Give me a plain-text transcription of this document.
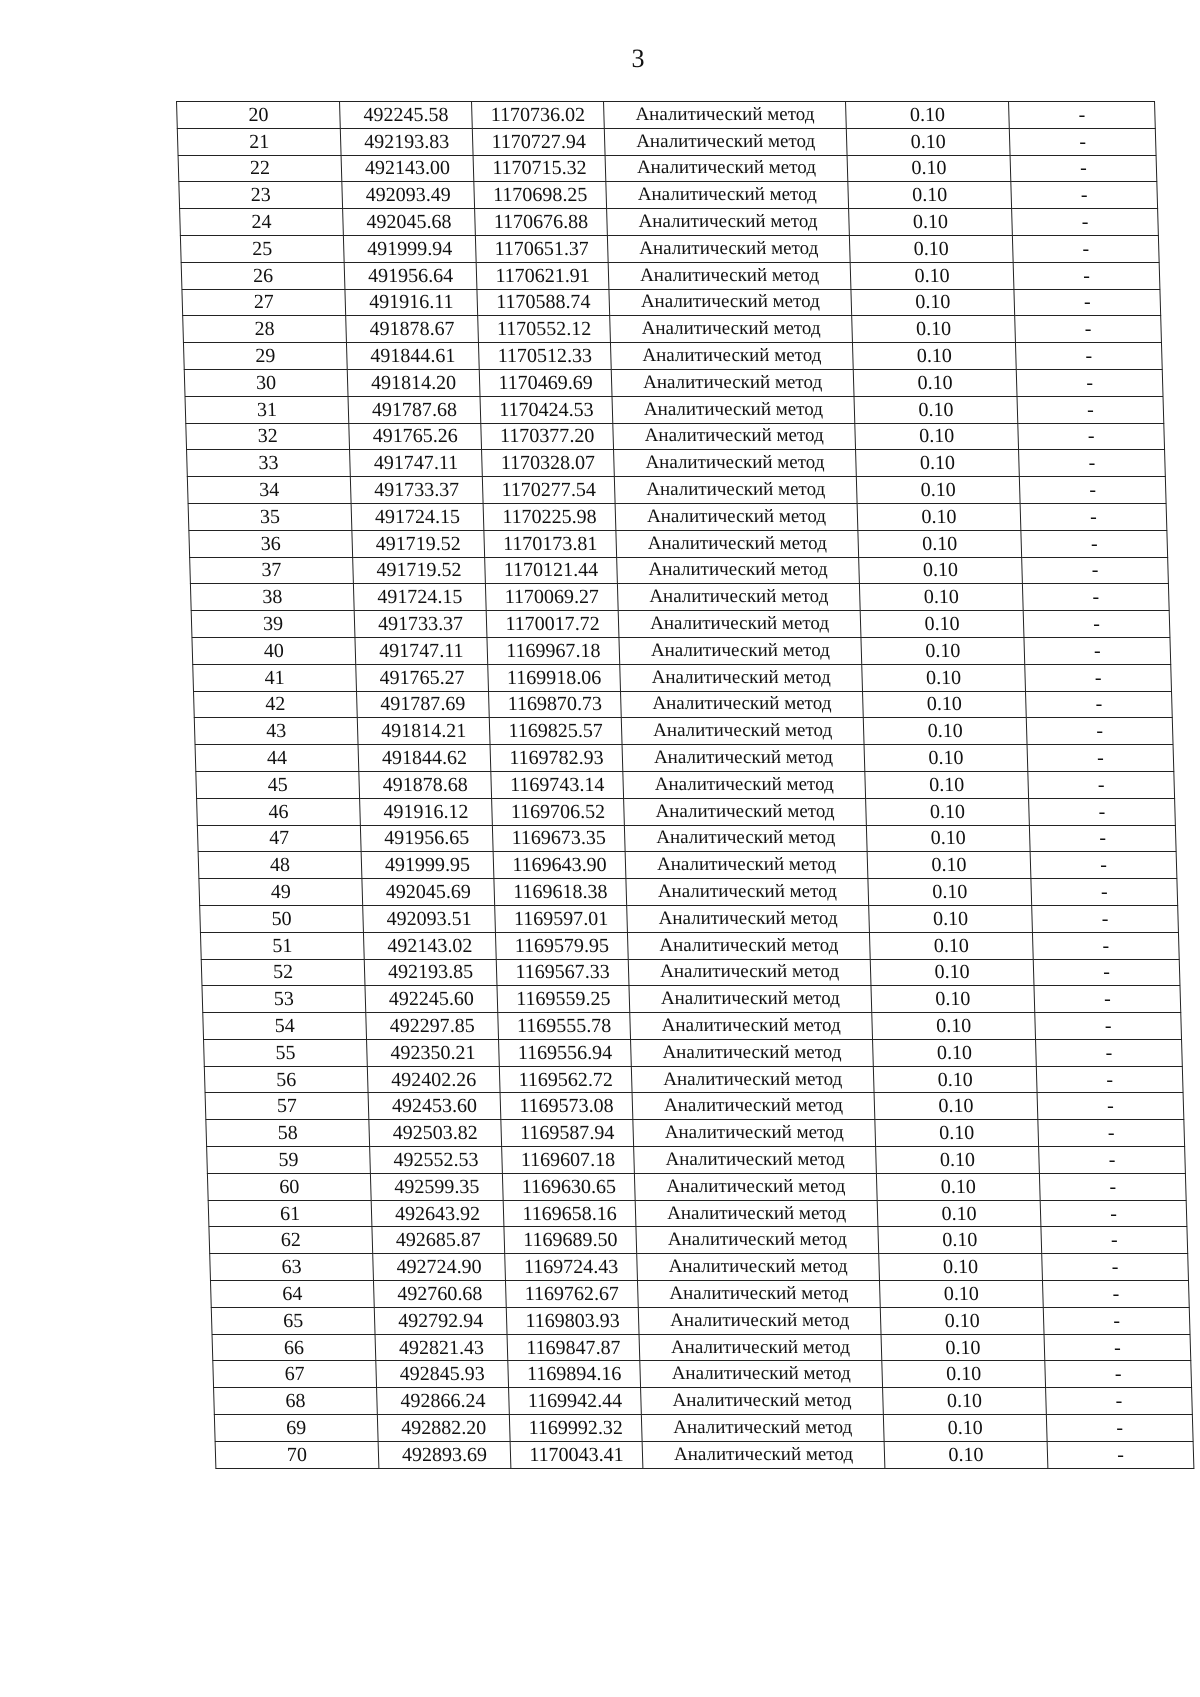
3
20	492245.58	1170736.02	Аналитический метод	0.10	-
21	492193.83	1170727.94	Аналитический метод	0.10	-
22	492143.00	1170715.32	Аналитический метод	0.10	-
23	492093.49	1170698.25	Аналитический метод	0.10	-
24	492045.68	1170676.88	Аналитический метод	0.10	-
25	491999.94	1170651.37	Аналитический метод	0.10	-
26	491956.64	1170621.91	Аналитический метод	0.10	-
27	491916.11	1170588.74	Аналитический метод	0.10	-
28	491878.67	1170552.12	Аналитический метод	0.10	-
29	491844.61	1170512.33	Аналитический метод	0.10	-
30	491814.20	1170469.69	Аналитический метод	0.10	-
31	491787.68	1170424.53	Аналитический метод	0.10	-
32	491765.26	1170377.20	Аналитический метод	0.10	-
33	491747.11	1170328.07	Аналитический метод	0.10	-
34	491733.37	1170277.54	Аналитический метод	0.10	-
35	491724.15	1170225.98	Аналитический метод	0.10	-
36	491719.52	1170173.81	Аналитический метод	0.10	-
37	491719.52	1170121.44	Аналитический метод	0.10	-
38	491724.15	1170069.27	Аналитический метод	0.10	-
39	491733.37	1170017.72	Аналитический метод	0.10	-
40	491747.11	1169967.18	Аналитический метод	0.10	-
41	491765.27	1169918.06	Аналитический метод	0.10	-
42	491787.69	1169870.73	Аналитический метод	0.10	-
43	491814.21	1169825.57	Аналитический метод	0.10	-
44	491844.62	1169782.93	Аналитический метод	0.10	-
45	491878.68	1169743.14	Аналитический метод	0.10	-
46	491916.12	1169706.52	Аналитический метод	0.10	-
47	491956.65	1169673.35	Аналитический метод	0.10	-
48	491999.95	1169643.90	Аналитический метод	0.10	-
49	492045.69	1169618.38	Аналитический метод	0.10	-
50	492093.51	1169597.01	Аналитический метод	0.10	-
51	492143.02	1169579.95	Аналитический метод	0.10	-
52	492193.85	1169567.33	Аналитический метод	0.10	-
53	492245.60	1169559.25	Аналитический метод	0.10	-
54	492297.85	1169555.78	Аналитический метод	0.10	-
55	492350.21	1169556.94	Аналитический метод	0.10	-
56	492402.26	1169562.72	Аналитический метод	0.10	-
57	492453.60	1169573.08	Аналитический метод	0.10	-
58	492503.82	1169587.94	Аналитический метод	0.10	-
59	492552.53	1169607.18	Аналитический метод	0.10	-
60	492599.35	1169630.65	Аналитический метод	0.10	-
61	492643.92	1169658.16	Аналитический метод	0.10	-
62	492685.87	1169689.50	Аналитический метод	0.10	-
63	492724.90	1169724.43	Аналитический метод	0.10	-
64	492760.68	1169762.67	Аналитический метод	0.10	-
65	492792.94	1169803.93	Аналитический метод	0.10	-
66	492821.43	1169847.87	Аналитический метод	0.10	-
67	492845.93	1169894.16	Аналитический метод	0.10	-
68	492866.24	1169942.44	Аналитический метод	0.10	-
69	492882.20	1169992.32	Аналитический метод	0.10	-
70	492893.69	1170043.41	Аналитический метод	0.10	-
